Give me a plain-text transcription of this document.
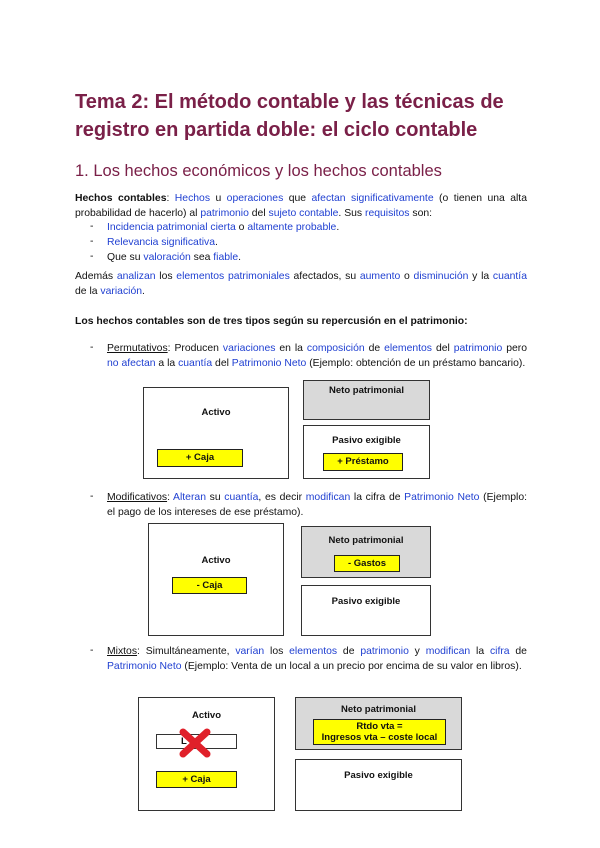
Tema 2: El método contable y las técnicas de registro en partida doble: el ciclo contable
1. Los hechos económicos y los hechos contables
Hechos contables: Hechos u operaciones que afectan significativamente (o tienen una alta probabilidad de hacerlo) al patrimonio del sujeto contable. Sus requisitos son:
- Incidencia patrimonial cierta o altamente probable.
- Relevancia significativa.
- Que su valoración sea fiable.
Además analizan los elementos patrimoniales afectados, su aumento o disminución y la cuantía de la variación.
Los hechos contables son de tres tipos según su repercusión en el patrimonio:
- Permutativos: Producen variaciones en la composición de elementos del patrimonio pero no afectan a la cuantía del Patrimonio Neto (Ejemplo: obtención de un préstamo bancario).
Activo
+ Caja
Neto patrimonial
Pasivo exigible
+ Préstamo
- Modificativos: Alteran su cuantía, es decir modifican la cifra de Patrimonio Neto (Ejemplo: el pago de los intereses de ese préstamo).
Activo
- Caja
Neto patrimonial
- Gastos
Pasivo exigible
- Mixtos: Simultáneamente, varían los elementos de patrimonio y modifican la cifra de Patrimonio Neto (Ejemplo: Venta de un local a un precio por encima de su valor en libros).
Activo
L
+ Caja
Neto patrimonial
Rtdo vta =
Ingresos vta – coste local
Pasivo exigible
